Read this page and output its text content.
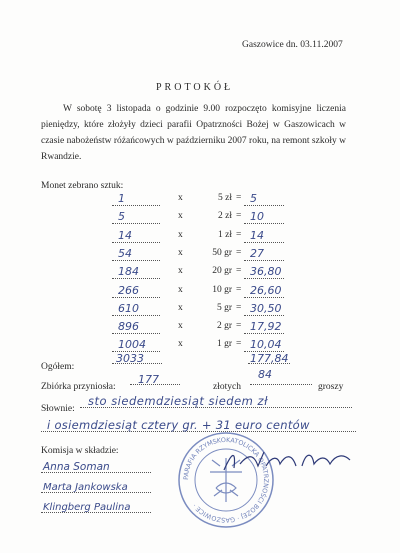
Gaszowice dn. 03.11.2007
PROTOKÓŁ
W sobotę 3 listopada o godzinie 9.00 rozpoczęto komisyjne liczenia pieniędzy, które złożyły dzieci parafii Opatrzności Bożej w Gaszowicach w czasie nabożeństw różańcowych w październiku 2007 roku, na remont szkoły w Rwandzie.
Monet zebrano sztuk:
1	x	5 zł = 5
5	x	2 zł = 10
14	x	1 zł = 14
54	x	50 gr = 27
184	x	20 gr = 36,80
266	x	10 gr = 26,60
610	x	5 gr = 30,50
896	x	2 gr = 17,92
1004	x	1 gr = 10,04
Ogółem:
3033	177,84
Zbiórka przyniosła:
177
złotych
84
groszy
Słownie:
sto siedemdziesiąt siedem zł
i osiemdziesiąt cztery gr. + 31 euro centów
Komisja w składzie:
Anna Soman
Marta Jankowska
Klingberg Paulina
PARAFIA RZYMSKOKATOLICKA OPATRZNOŚCI BOŻEJ · GASZOWICE ·
